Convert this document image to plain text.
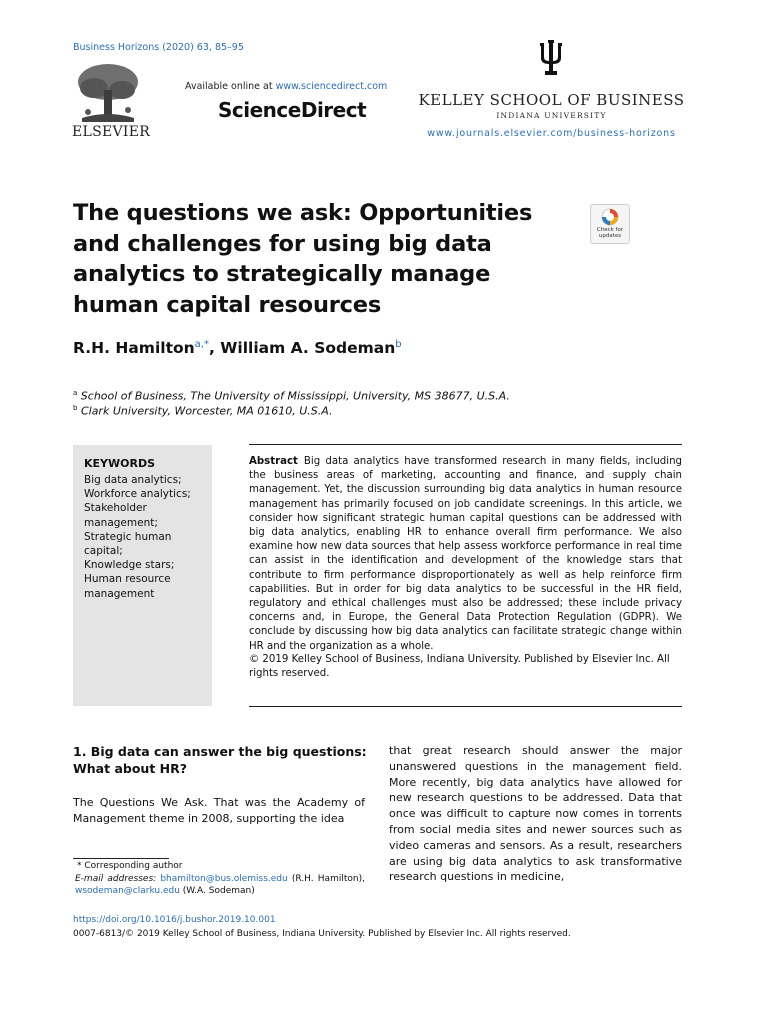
Business Horizons (2020) 63, 85–95
ELSEVIER
Available online at www.sciencedirect.com
ScienceDirect	KELLEY SCHOOL OF BUSINESS
INDIANA UNIVERSITY
www.journals.elsevier.com/business-horizons
The questions we ask: Opportunities and challenges for using big data analytics to strategically manage human capital resources
Check for
updates
R.H. Hamilton$^{a,*}$, William A. Sodeman$^b$
$^a$ School of Business, The University of Mississippi, University, MS 38677, U.S.A.
$^b$ Clark University, Worcester, MA 01610, U.S.A.
KEYWORDS
Big data analytics;
Workforce analytics;
Stakeholder management;
Strategic human capital;
Knowledge stars;
Human resource management
Abstract Big data analytics have transformed research in many fields, including the business areas of marketing, accounting and finance, and supply chain management. Yet, the discussion surrounding big data analytics in human resource management has primarily focused on job candidate screenings. In this article, we consider how significant strategic human capital questions can be addressed with big data analytics, enabling HR to enhance overall firm performance. We also examine how new data sources that help assess workforce performance in real time can assist in the identification and development of the knowledge stars that contribute to firm performance disproportionately as well as help reinforce firm capabilities. But in order for big data analytics to be successful in the HR field, regulatory and ethical challenges must also be addressed; these include privacy concerns and, in Europe, the General Data Protection Regulation (GDPR). We conclude by discussing how big data analytics can facilitate strategic change within HR and the organization as a whole.
© 2019 Kelley School of Business, Indiana University. Published by Elsevier Inc. All rights reserved.
1. Big data can answer the big questions: What about HR?
The Questions We Ask. That was the Academy of Management theme in 2008, supporting the idea
that great research should answer the major unanswered questions in the management field. More recently, big data analytics have allowed for new research questions to be addressed. Data that once was difficult to capture now comes in torrents from social media sites and newer sources such as video cameras and sensors. As a result, researchers are using big data analytics to ask transformative research questions in medicine,
* Corresponding author
E-mail addresses: bhamilton@bus.olemiss.edu (R.H. Hamilton), wsodeman@clarku.edu (W.A. Sodeman)
https://doi.org/10.1016/j.bushor.2019.10.001
0007-6813/© 2019 Kelley School of Business, Indiana University. Published by Elsevier Inc. All rights reserved.
